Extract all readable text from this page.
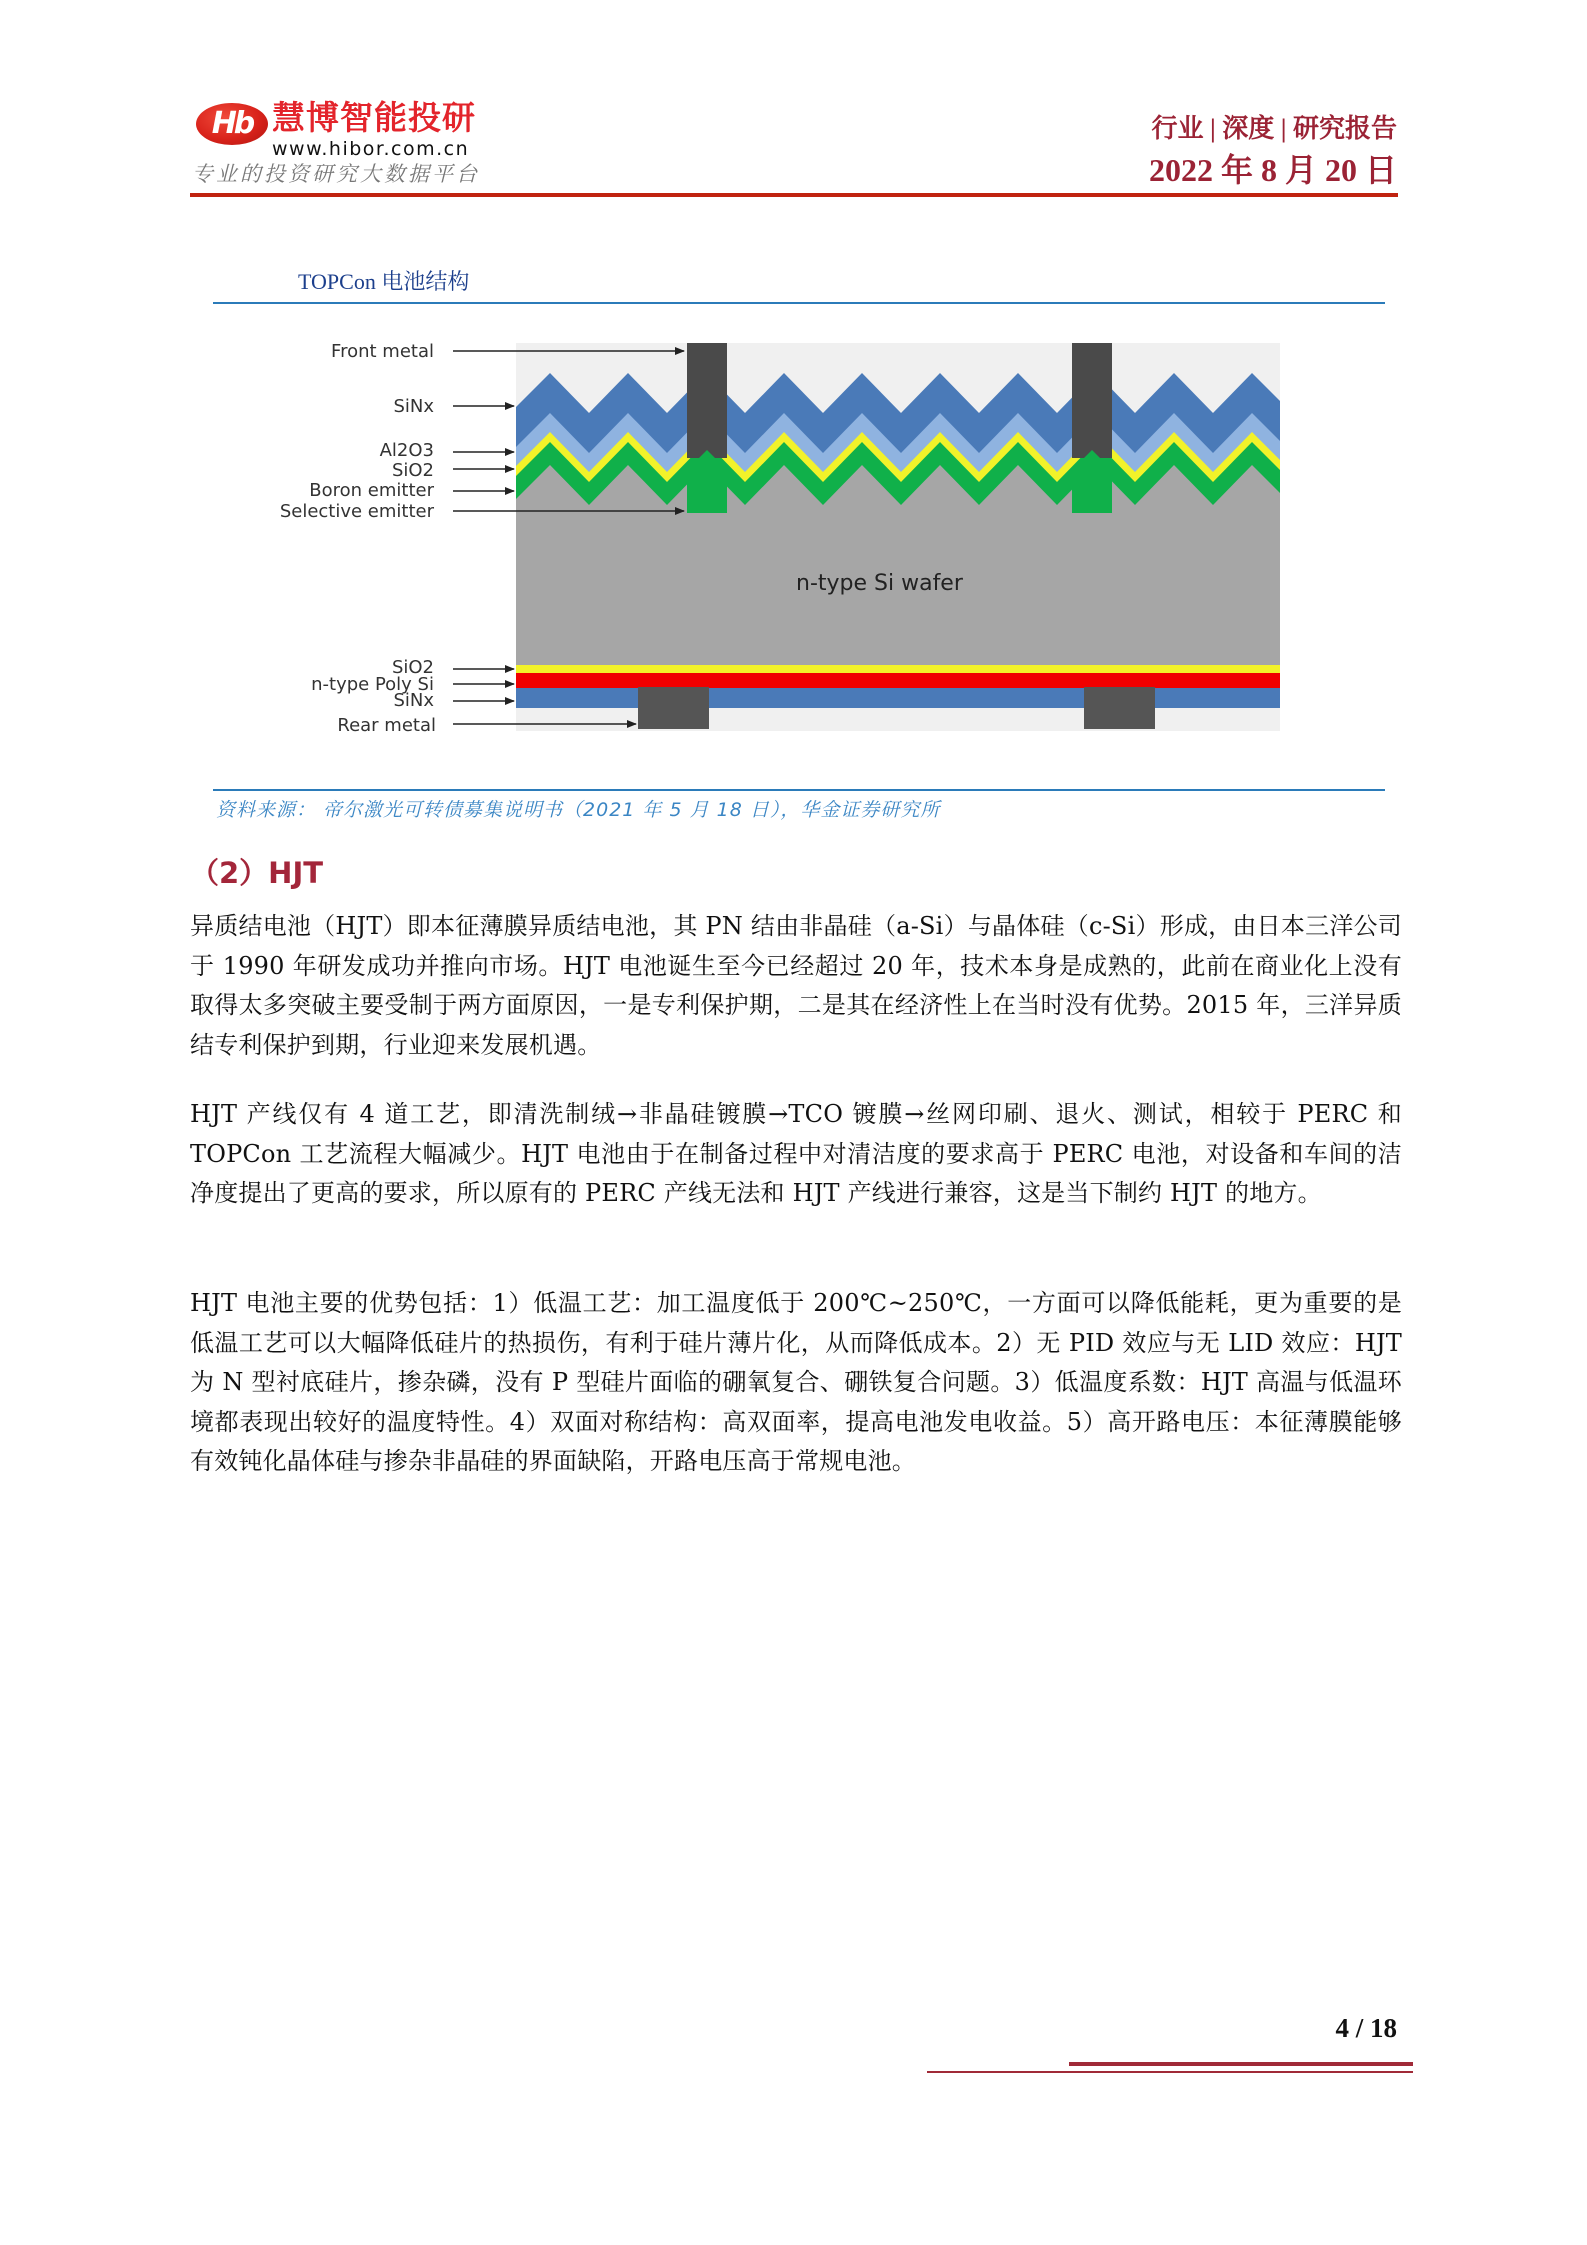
Hb 慧博智能投研
www.hibor.com.cn
专业的投资研究大数据平台
行业 | 深度 | 研究报告
2022 年 8 月 20 日
TOPCon 电池结构
Front metal
SiNx
Al2O3
SiO2
Boron emitter
Selective emitter
SiO2
n-type Poly Si
SiNx
Rear metal
n-type Si wafer
资料来源： 帝尔激光可转债募集说明书（2021 年 5 月 18 日），华金证券研究所
（2）HJT
异质结电池（HJT）即本征薄膜异质结电池，其 PN 结由非晶硅（a-Si）与晶体硅（c-Si）形成，由日本三洋公司于 1990 年研发成功并推向市场。HJT 电池诞生至今已经超过 20 年，技术本身是成熟的，此前在商业化上没有取得太多突破主要受制于两方面原因，一是专利保护期，二是其在经济性上在当时没有优势。2015 年，三洋异质结专利保护到期，行业迎来发展机遇。
HJT 产线仅有 4 道工艺，即清洗制绒→非晶硅镀膜→TCO 镀膜→丝网印刷、退火、测试，相较于 PERC 和 TOPCon 工艺流程大幅减少。HJT 电池由于在制备过程中对清洁度的要求高于 PERC 电池，对设备和车间的洁净度提出了更高的要求，所以原有的 PERC 产线无法和 HJT 产线进行兼容，这是当下制约 HJT 的地方。
HJT 电池主要的优势包括：1）低温工艺：加工温度低于 200℃~250℃，一方面可以降低能耗，更为重要的是低温工艺可以大幅降低硅片的热损伤，有利于硅片薄片化，从而降低成本。2）无 PID 效应与无 LID 效应：HJT 为 N 型衬底硅片，掺杂磷，没有 P 型硅片面临的硼氧复合、硼铁复合问题。3）低温度系数：HJT 高温与低温环境都表现出较好的温度特性。4）双面对称结构：高双面率，提高电池发电收益。5）高开路电压：本征薄膜能够有效钝化晶体硅与掺杂非晶硅的界面缺陷，开路电压高于常规电池。
4 / 18
